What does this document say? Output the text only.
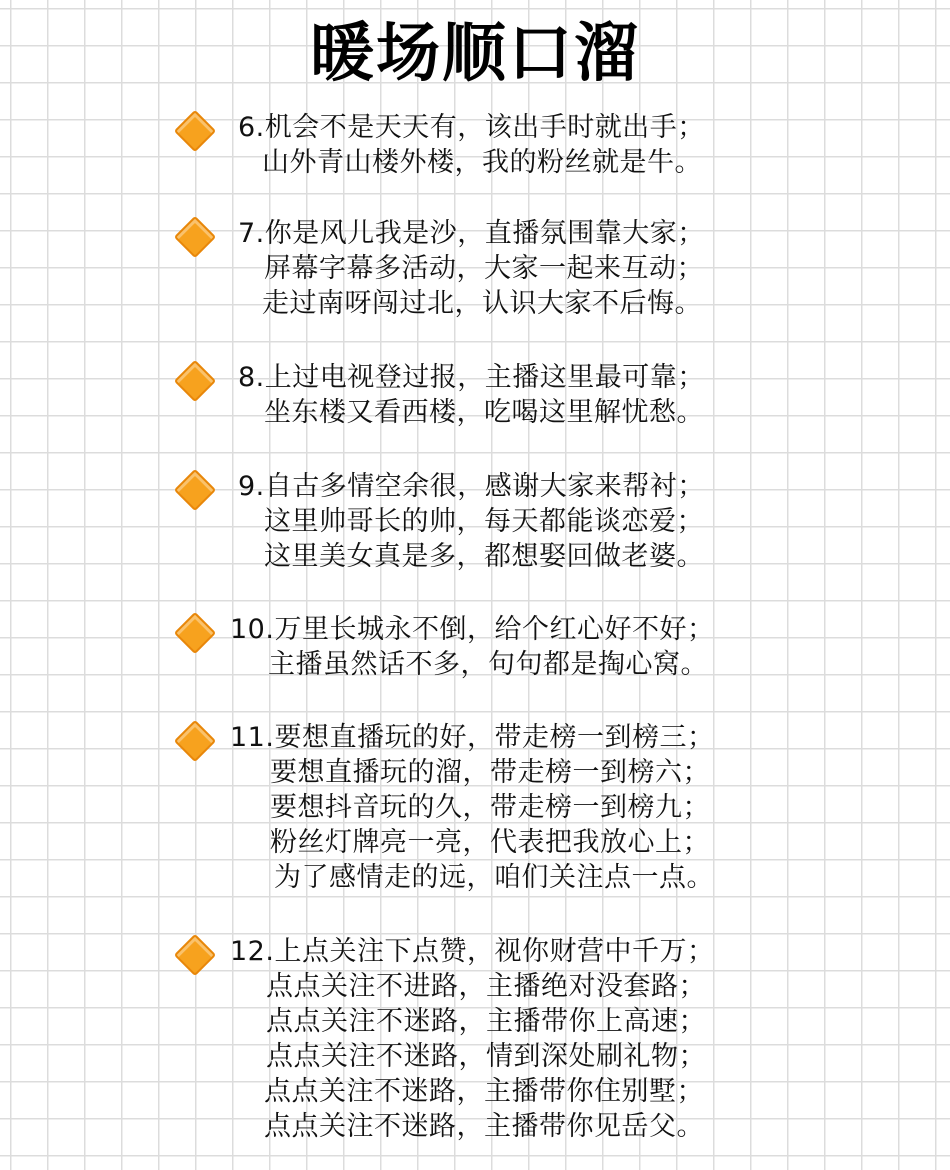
暖场顺口溜
6.机会不是天天有，该出手时就出手；
山外青山楼外楼，我的粉丝就是牛。
7.你是风儿我是沙，直播氛围靠大家；
屏幕字幕多活动，大家一起来互动；
走过南呀闯过北，认识大家不后悔。
8.上过电视登过报，主播这里最可靠；
坐东楼又看西楼，吃喝这里解忧愁。
9.自古多情空余很，感谢大家来帮衬；
这里帅哥长的帅，每天都能谈恋爱；
这里美女真是多，都想娶回做老婆。
10.万里长城永不倒，给个红心好不好；
主播虽然话不多，句句都是掏心窝。
11.要想直播玩的好，带走榜一到榜三；
要想直播玩的溜，带走榜一到榜六；
要想抖音玩的久，带走榜一到榜九；
粉丝灯牌亮一亮，代表把我放心上；
为了感情走的远，咱们关注点一点。
12.上点关注下点赞，视你财营中千万；
点点关注不进路，主播绝对没套路；
点点关注不迷路，主播带你上高速；
点点关注不迷路，情到深处刷礼物；
点点关注不迷路，主播带你住别墅；
点点关注不迷路，主播带你见岳父。
